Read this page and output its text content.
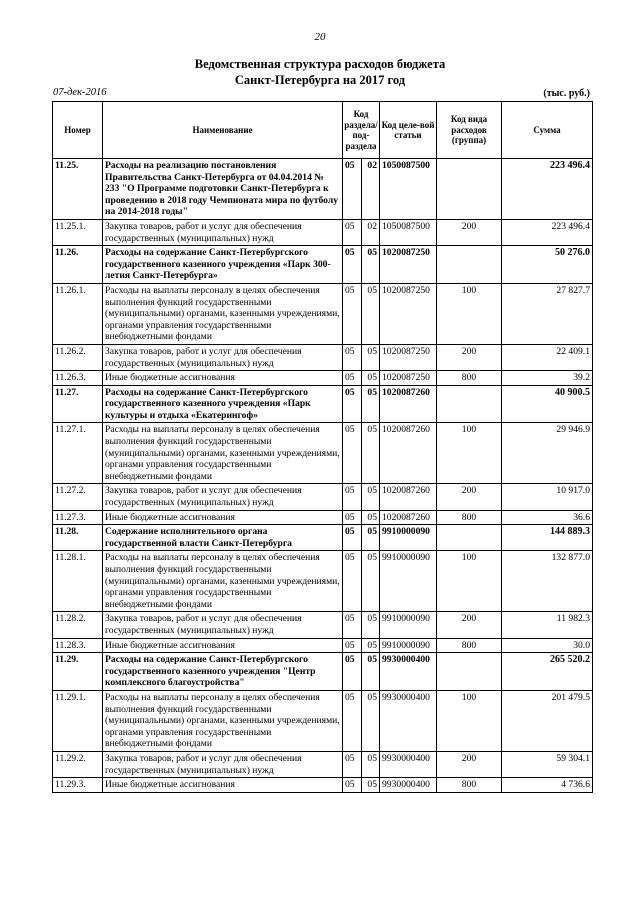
20
Ведомственная структура расходов бюджета
Санкт-Петербурга на 2017 год
07-дек-2016	(тыс. руб.)
Номер	Наименование	Код раздела/ под-раздела		Код целе-вой статьи	Код вида расходов (группа)	Сумма
11.25.	Расходы на реализацию постановления Правительства Санкт-Петербурга от 04.04.2014 № 233 "О Программе подготовки Санкт-Петербурга к проведению в 2018 году Чемпионата мира по футболу на 2014-2018 годы"	05	02	1050087500		223 496.4
11.25.1.	Закупка товаров, работ и услуг для обеспечения государственных (муниципальных) нужд	05	02	1050087500	200	223 496.4
11.26.	Расходы на содержание Санкт-Петербургского государственного казенного учреждения «Парк 300-летия Санкт-Петербурга»	05	05	1020087250		50 276.0
11.26.1.	Расходы на выплаты персоналу в целях обеспечения выполнения функций государственными (муниципальными) органами, казенными учреждениями, органами управления государственными внебюджетными фондами	05	05	1020087250	100	27 827.7
11.26.2.	Закупка товаров, работ и услуг для обеспечения государственных (муниципальных) нужд	05	05	1020087250	200	22 409.1
11.26.3.	Иные бюджетные ассигнования	05	05	1020087250	800	39.2
11.27.	Расходы на содержание Санкт-Петербургского государственного казенного учреждения «Парк культуры и отдыха «Екатерингоф»	05	05	1020087260		40 900.5
11.27.1.	Расходы на выплаты персоналу в целях обеспечения выполнения функций государственными (муниципальными) органами, казенными учреждениями, органами управления государственными внебюджетными фондами	05	05	1020087260	100	29 946.9
11.27.2.	Закупка товаров, работ и услуг для обеспечения государственных (муниципальных) нужд	05	05	1020087260	200	10 917.0
11.27.3.	Иные бюджетные ассигнования	05	05	1020087260	800	36.6
11.28.	Содержание исполнительного органа государственной власти Санкт-Петербурга	05	05	9910000090		144 889.3
11.28.1.	Расходы на выплаты персоналу в целях обеспечения выполнения функций государственными (муниципальными) органами, казенными учреждениями, органами управления государственными внебюджетными фондами	05	05	9910000090	100	132 877.0
11.28.2.	Закупка товаров, работ и услуг для обеспечения государственных (муниципальных) нужд	05	05	9910000090	200	11 982.3
11.28.3.	Иные бюджетные ассигнования	05	05	9910000090	800	30.0
11.29.	Расходы на содержание Санкт-Петербургского государственного казенного учреждения "Центр комплексного благоустройства"	05	05	9930000400		265 520.2
11.29.1.	Расходы на выплаты персоналу в целях обеспечения выполнения функций государственными (муниципальными) органами, казенными учреждениями, органами управления государственными внебюджетными фондами	05	05	9930000400	100	201 479.5
11.29.2.	Закупка товаров, работ и услуг для обеспечения государственных (муниципальных) нужд	05	05	9930000400	200	59 304.1
11.29.3.	Иные бюджетные ассигнования	05	05	9930000400	800	4 736.6
